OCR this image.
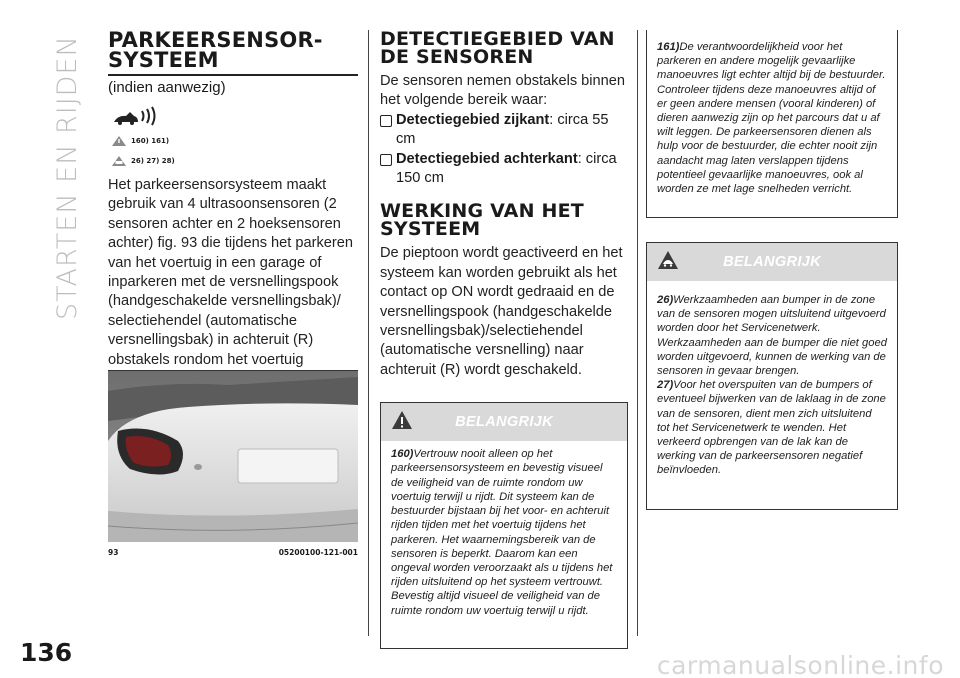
STARTEN EN RIJDEN PARKEERSENSOR-
SYSTEEM
(indien aanwezig)
160) 161)
26) 27) 28)

Het parkeersensorsysteem maakt gebruik van 4 ultrasoonsensoren (2 sensoren achter en 2 hoeksensoren achter) fig. 93 die tijdens het parkeren van het voertuig in een garage of inparkeren met de versnellingspook (handgeschakelde versnellingsbak)/ selectiehendel (automatische versnellingsbak) in achteruit (R) obstakels rondom het voertuig

93	05200100-121-001
DETECTIEGEBIED VAN
DE SENSOREN

De sensoren nemen obstakels binnen het volgende bereik waar:

Detectiegebied zijkant: circa 55 cm
Detectiegebied achterkant: circa 150 cm
WERKING VAN HET
SYSTEEM

De pieptoon wordt geactiveerd en het systeem kan worden gebruikt als het contact op ON wordt gedraaid en de versnellingspook (handgeschakelde versnellingsbak)/selectiehendel (automatische versnelling) naar achteruit (R) wordt geschakeld.

BELANGRIJK

160)Vertrouw nooit alleen op het parkeersensorsysteem en bevestig visueel de veiligheid van de ruimte rondom uw voertuig terwijl u rijdt. Dit systeem kan de bestuurder bijstaan bij het voor- en achteruit rijden tijden met het voertuig tijdens het parkeren. Het waarnemingsbereik van de sensoren is beperkt. Daarom kan een ongeval worden veroorzaakt als u tijdens het rijden uitsluitend op het systeem vertrouwt. Bevestig altijd visueel de veiligheid van de ruimte rondom uw voertuig terwijl u rijdt.

161)De verantwoordelijkheid voor het parkeren en andere mogelijk gevaarlijke manoeuvres ligt echter altijd bij de bestuurder. Controleer tijdens deze manoeuvres altijd of er geen andere mensen (vooral kinderen) of dieren aanwezig zijn op het parcours dat u af wilt leggen. De parkeersensoren dienen als hulp voor de bestuurder, die echter nooit zijn aandacht mag laten verslappen tijdens potentieel gevaarlijke manoeuvres, ook al worden ze met lage snelheden verricht.

BELANGRIJK

26)Werkzaamheden aan bumper in de zone van de sensoren mogen uitsluitend uitgevoerd worden door het Servicenetwerk. Werkzaamheden aan de bumper die niet goed worden uitgevoerd, kunnen de werking van de sensoren in gevaar brengen.

27)Voor het overspuiten van de bumpers of eventueel bijwerken van de laklaag in de zone van de sensoren, dient men zich uitsluitend tot het Servicenetwerk te wenden. Het verkeerd opbrengen van de lak kan de werking van de parkeersensoren negatief beïnvloeden.

136	carmanualsonline.info
